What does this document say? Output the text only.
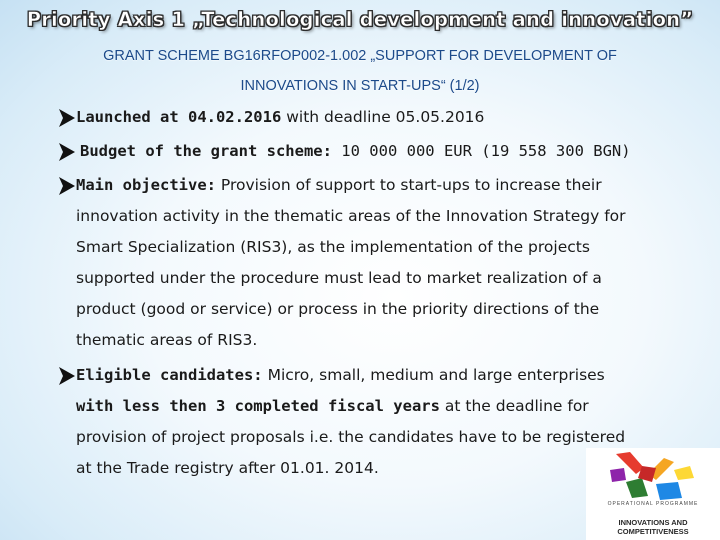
Priority Axis 1 „Technological development and innovation”
GRANT SCHEME BG16RFOP002-1.002 „SUPPORT FOR DEVELOPMENT OF
INNOVATIONS IN START-UPS“ (1/2)
Launched at 04.02.2016 with deadline 05.05.2016
Budget of the grant scheme: 10 000 000 EUR (19 558 300 BGN)
Main objective: Provision of support to start-ups to increase their
innovation activity in the thematic areas of the Innovation Strategy for
Smart Specialization (RIS3), as the implementation of the projects
supported under the procedure must lead to market realization of a
product (good or service) or process in the priority directions of the
thematic areas of RIS3.
Eligible candidates: Micro, small, medium and large enterprises
with less then 3 completed fiscal years at the deadline for
provision of project proposals i.e. the candidates have to be registered
at the Trade registry after 01.01. 2014.
OPERATIONAL PROGRAMME
INNOVATIONS AND
COMPETITIVENESS
